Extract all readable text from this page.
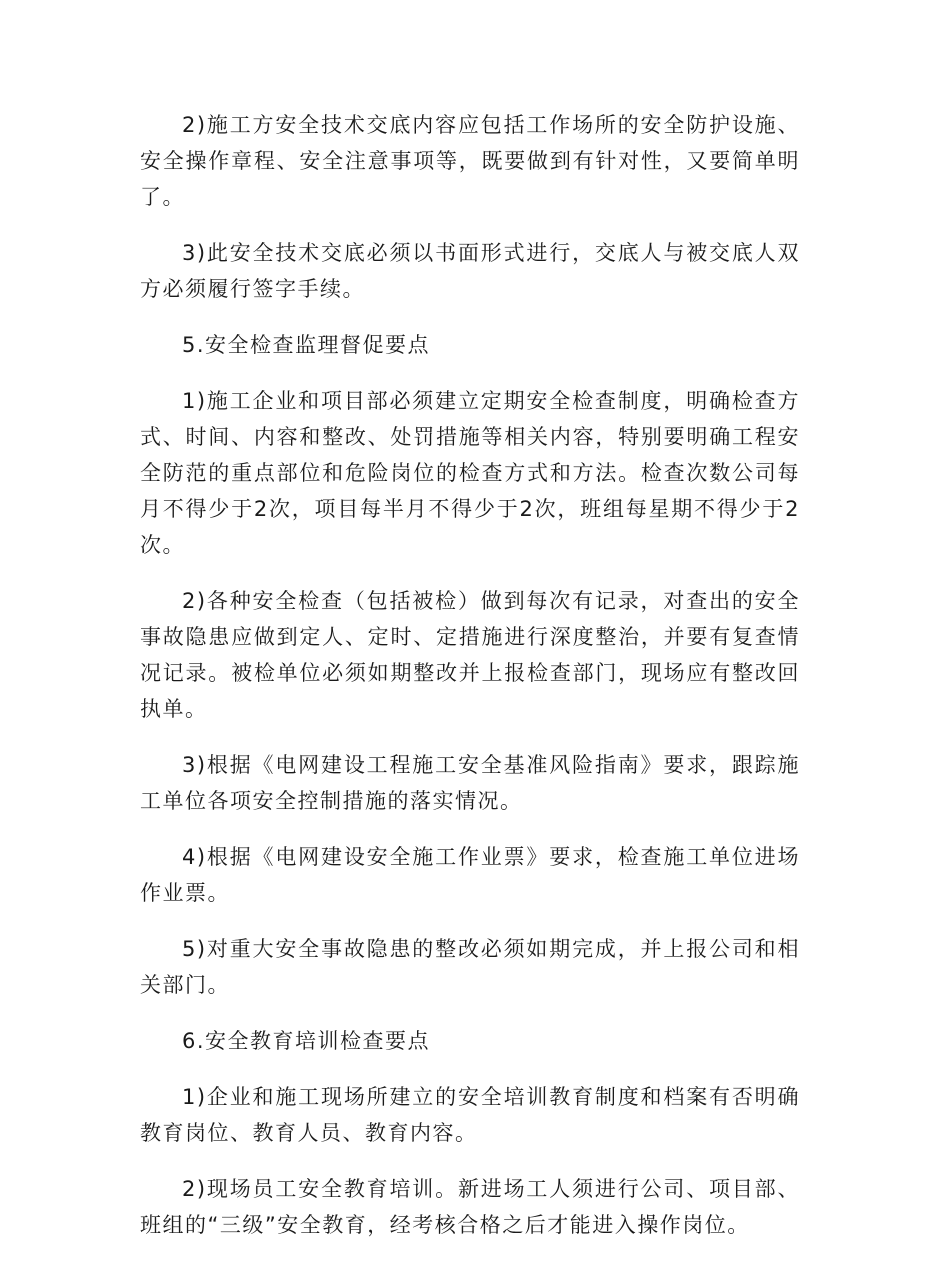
2)施工方安全技术交底内容应包括工作场所的安全防护设施、安全操作章程、安全注意事项等，既要做到有针对性，又要简单明了。

3)此安全技术交底必须以书面形式进行，交底人与被交底人双方必须履行签字手续。

5.安全检查监理督促要点

1)施工企业和项目部必须建立定期安全检查制度，明确检查方式、时间、内容和整改、处罚措施等相关内容，特别要明确工程安全防范的重点部位和危险岗位的检查方式和方法。检查次数公司每月不得少于2次，项目每半月不得少于2次，班组每星期不得少于2次。

2)各种安全检查（包括被检）做到每次有记录，对查出的安全事故隐患应做到定人、定时、定措施进行深度整治，并要有复查情况记录。被检单位必须如期整改并上报检查部门，现场应有整改回执单。

3)根据《电网建设工程施工安全基准风险指南》要求，跟踪施工单位各项安全控制措施的落实情况。

4)根据《电网建设安全施工作业票》要求，检查施工单位进场作业票。

5)对重大安全事故隐患的整改必须如期完成，并上报公司和相关部门。

6.安全教育培训检查要点

1)企业和施工现场所建立的安全培训教育制度和档案有否明确教育岗位、教育人员、教育内容。

2)现场员工安全教育培训。新进场工人须进行公司、项目部、班组的“三级”安全教育，经考核合格之后才能进入操作岗位。
